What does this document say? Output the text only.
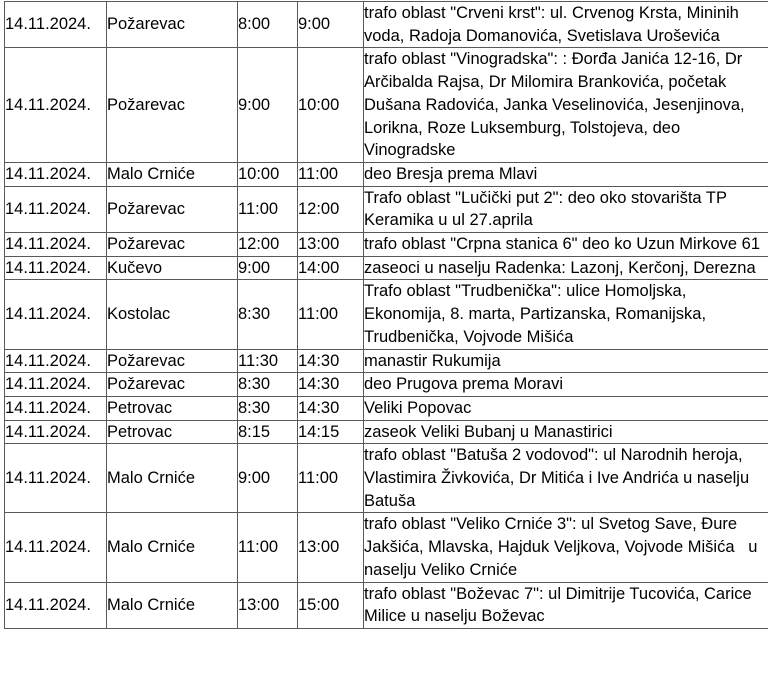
14.11.2024.	Požarevac	8:00	9:00	trafo oblast "Crveni krst": ul. Crvenog Krsta, Mininih voda, Radoja Domanovića, Svetislava Uroševića
14.11.2024.	Požarevac	9:00	10:00	trafo oblast "Vinogradska": : Đorđa Janića 12-16, Dr Arčibalda Rajsa, Dr Milomira Brankovića, početak Dušana Radovića, Janka Veselinovića, Jesenjinova, Lorikna, Roze Luksemburg, Tolstojeva, deo Vinogradske
14.11.2024.	Malo Crniće	10:00	11:00	deo Bresja prema Mlavi
14.11.2024.	Požarevac	11:00	12:00	Trafo oblast "Lučički put 2": deo oko stovarišta TP Keramika u ul 27.aprila
14.11.2024.	Požarevac	12:00	13:00	trafo oblast "Crpna stanica 6" deo ko Uzun Mirkove 61
14.11.2024.	Kučevo	9:00	14:00	zaseoci u naselju Radenka: Lazonj, Kerčonj, Derezna
14.11.2024.	Kostolac	8:30	11:00	Trafo oblast "Trudbenička": ulice Homoljska, Ekonomija, 8. marta, Partizanska, Romanijska, Trudbenička, Vojvode Mišića
14.11.2024.	Požarevac	11:30	14:30	manastir Rukumija
14.11.2024.	Požarevac	8:30	14:30	deo Prugova prema Moravi
14.11.2024.	Petrovac	8:30	14:30	Veliki Popovac
14.11.2024.	Petrovac	8:15	14:15	zaseok Veliki Bubanj u Manastirici
14.11.2024.	Malo Crniće	9:00	11:00	trafo oblast "Batuša 2 vodovod": ul Narodnih heroja, Vlastimira Živkovića, Dr Mitića i Ive Andrića u naselju Batuša
14.11.2024.	Malo Crniće	11:00	13:00	trafo oblast "Veliko Crniće 3": ul Svetog Save, Đure Jakšića, Mlavska, Hajduk Veljkova, Vojvode Mišića   u naselju Veliko Crniće
14.11.2024.	Malo Crniće	13:00	15:00	trafo oblast "Boževac 7": ul Dimitrije Tucovića, Carice Milice u naselju Boževac
